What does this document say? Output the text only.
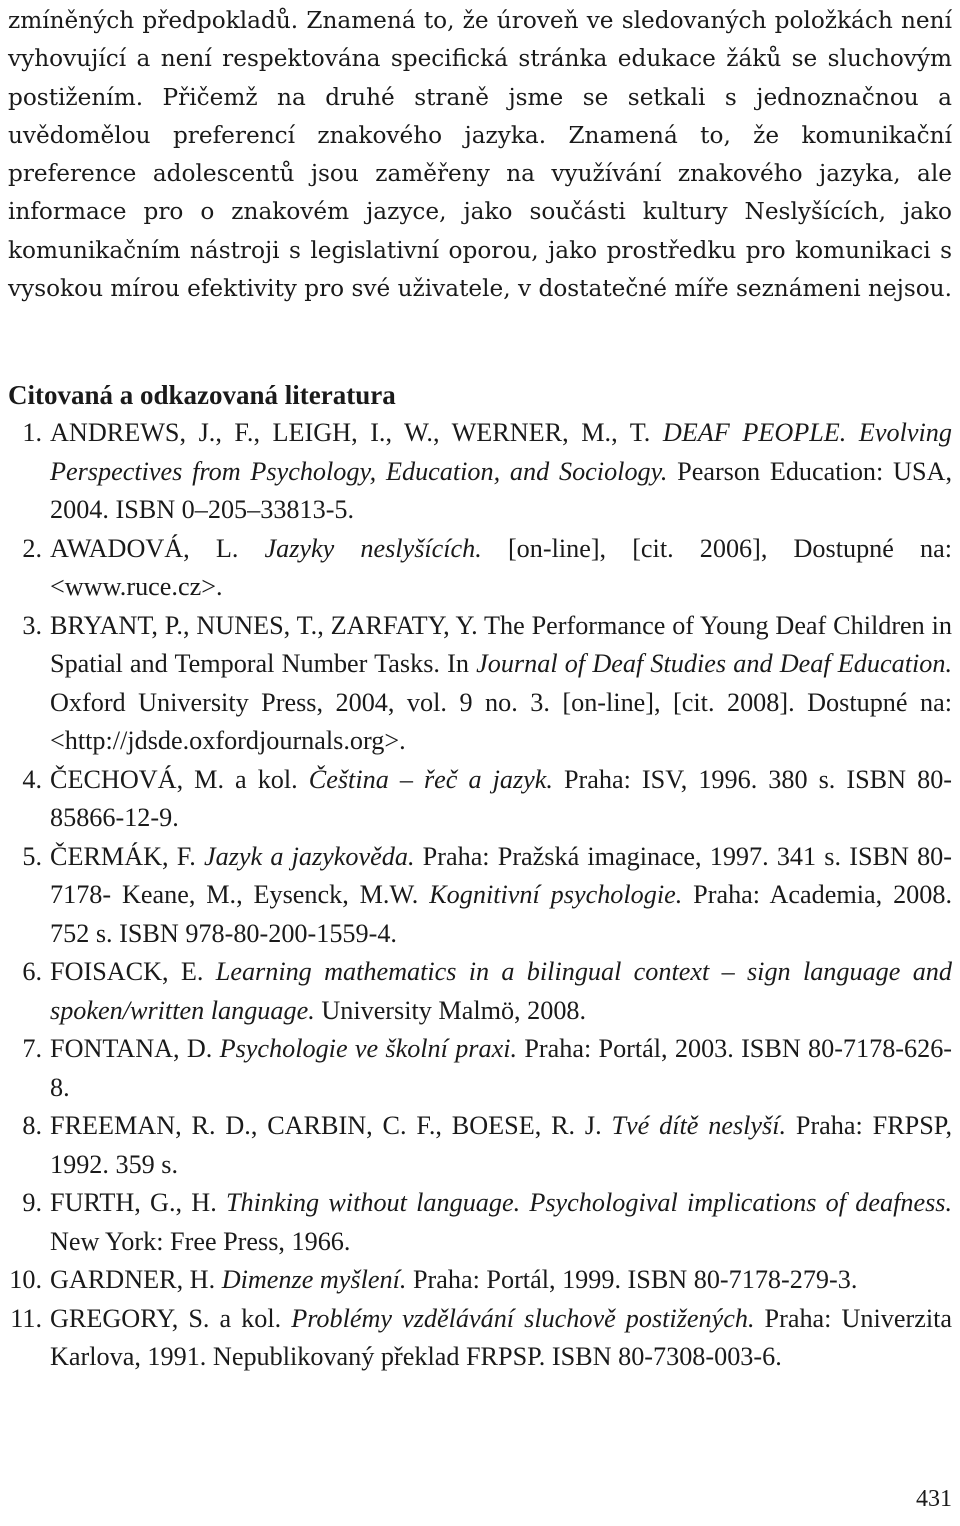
zmíněných předpokladů. Znamená to, že úroveň ve sledovaných položkách není vyhovující a není respektována specifická stránka edukace žáků se sluchovým postižením. Přičemž na druhé straně jsme se setkali s jednoznačnou a uvědomělou preferencí znakového jazyka. Znamená to, že komunikační preference adolescentů jsou zaměřeny na využívání znakového jazyka, ale informace pro o znakovém jazyce, jako součásti kultury Neslyšících, jako komunikačním nástroji s legislativní oporou, jako prostředku pro komunikaci s vysokou mírou efektivity pro své uživatele, v dostatečné míře seznámeni nejsou.

Citovaná a odkazovaná literatura
1. ANDREWS, J., F., LEIGH, I., W., WERNER, M., T. DEAF PEOPLE. Evolving Perspectives from Psychology, Education, and Sociology. Pearson Education: USA, 2004. ISBN 0–205–33813-5.
2. AWADOVÁ, L. Jazyky neslyšících. [on-line], [cit. 2006], Dostupné na: <www.ruce.cz>.
3. BRYANT, P., NUNES, T., ZARFATY, Y. The Performance of Young Deaf Children in Spatial and Temporal Number Tasks. In Journal of Deaf Studies and Deaf Education. Oxford University Press, 2004, vol. 9 no. 3. [on-line], [cit. 2008]. Dostupné na: <http://jdsde.oxfordjournals.org>.
4. ČECHOVÁ, M. a kol. Čeština – řeč a jazyk. Praha: ISV, 1996. 380 s. ISBN 80-85866-12-9.
5. ČERMÁK, F. Jazyk a jazykověda. Praha: Pražská imaginace, 1997. 341 s. ISBN 80-7178- Keane, M., Eysenck, M.W. Kognitivní psychologie. Praha: Academia, 2008. 752 s. ISBN 978-80-200-1559-4.
6. FOISACK, E. Learning mathematics in a bilingual context – sign language and spoken/written language. University Malmö, 2008.
7. FONTANA, D. Psychologie ve školní praxi. Praha: Portál, 2003. ISBN 80-7178-626-8.
8. FREEMAN, R. D., CARBIN, C. F., BOESE, R. J. Tvé dítě neslyší. Praha: FRPSP, 1992. 359 s.
9. FURTH, G., H. Thinking without language. Psychologival implications of deafness. New York: Free Press, 1966.
10. GARDNER, H. Dimenze myšlení. Praha: Portál, 1999. ISBN 80-7178-279-3.
11. GREGORY, S. a kol. Problémy vzdělávání sluchově postižených. Praha: Univerzita Karlova, 1991. Nepublikovaný překlad FRPSP. ISBN 80-7308-003-6.
431
